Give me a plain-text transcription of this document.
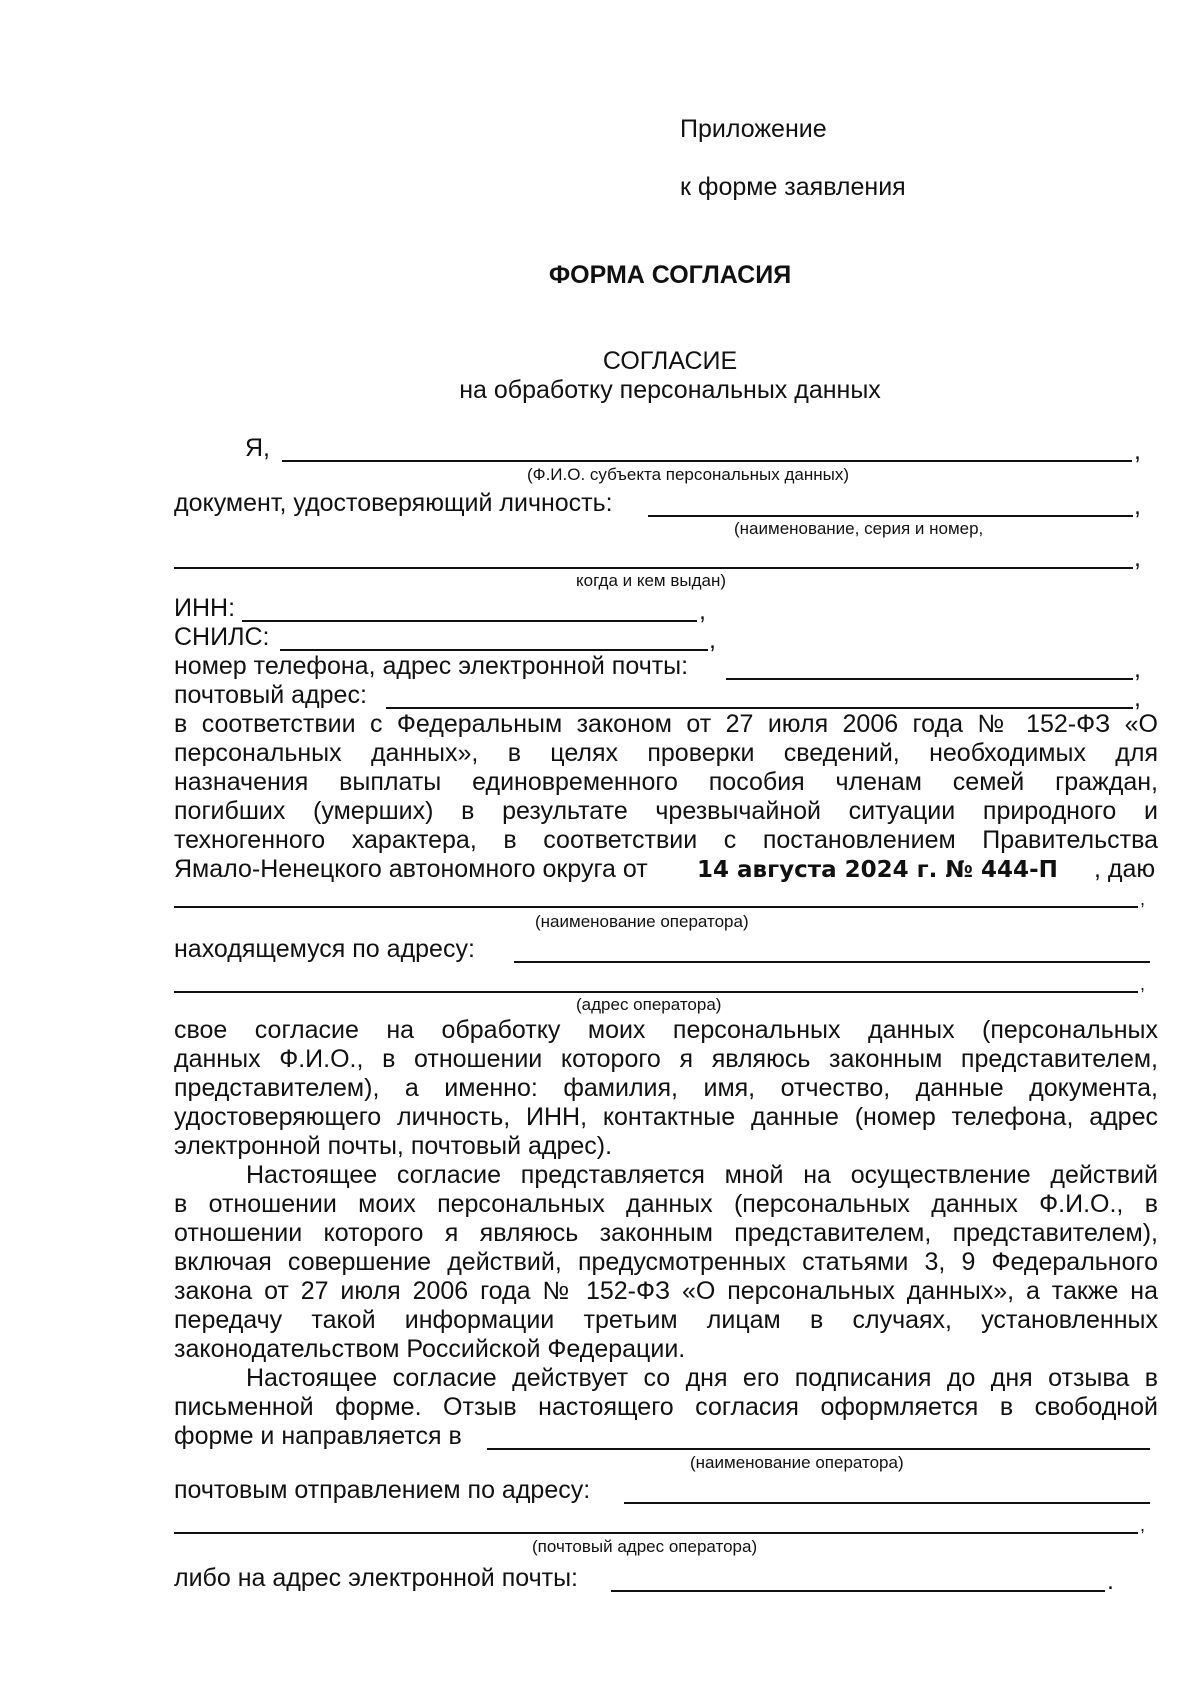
Приложение
к форме заявления
ФОРМА СОГЛАСИЯ
СОГЛАСИЕ
на обработку персональных данных
Я,	,
(Ф.И.О. субъекта персональных данных)
документ, удостоверяющий личность:	,
(наименование, серия и номер,
,
когда и кем выдан)
ИНН:	,
СНИЛС:	,
номер телефона, адрес электронной почты:	,
почтовый адрес:	,
в соответствии с Федеральным законом от 27 июля 2006 года № 152-ФЗ «О
персональных данных», в целях проверки сведений, необходимых для
назначения выплаты единовременного пособия членам семей граждан,
погибших (умерших) в результате чрезвычайной ситуации природного и
техногенного характера, в соответствии с постановлением Правительства
Ямало-Ненецкого автономного округа от 14 августа 2024 г. № 444-П , даю
,
(наименование оператора)
находящемуся по адресу:
,
(адрес оператора)
свое согласие на обработку моих персональных данных (персональных
данных Ф.И.О., в отношении которого я являюсь законным представителем,
представителем), а именно: фамилия, имя, отчество, данные документа,
удостоверяющего личность, ИНН, контактные данные (номер телефона, адрес
электронной почты, почтовый адрес).
Настоящее согласие представляется мной на осуществление действий
в отношении моих персональных данных (персональных данных Ф.И.О., в
отношении которого я являюсь законным представителем, представителем),
включая совершение действий, предусмотренных статьями 3, 9 Федерального
закона от 27 июля 2006 года № 152-ФЗ «О персональных данных», а также на
передачу такой информации третьим лицам в случаях, установленных
законодательством Российской Федерации.
Настоящее согласие действует со дня его подписания до дня отзыва в
письменной форме. Отзыв настоящего согласия оформляется в свободной
форме и направляется в
(наименование оператора)
почтовым отправлением по адресу:
,
(почтовый адрес оператора)
либо на адрес электронной почты:	.
